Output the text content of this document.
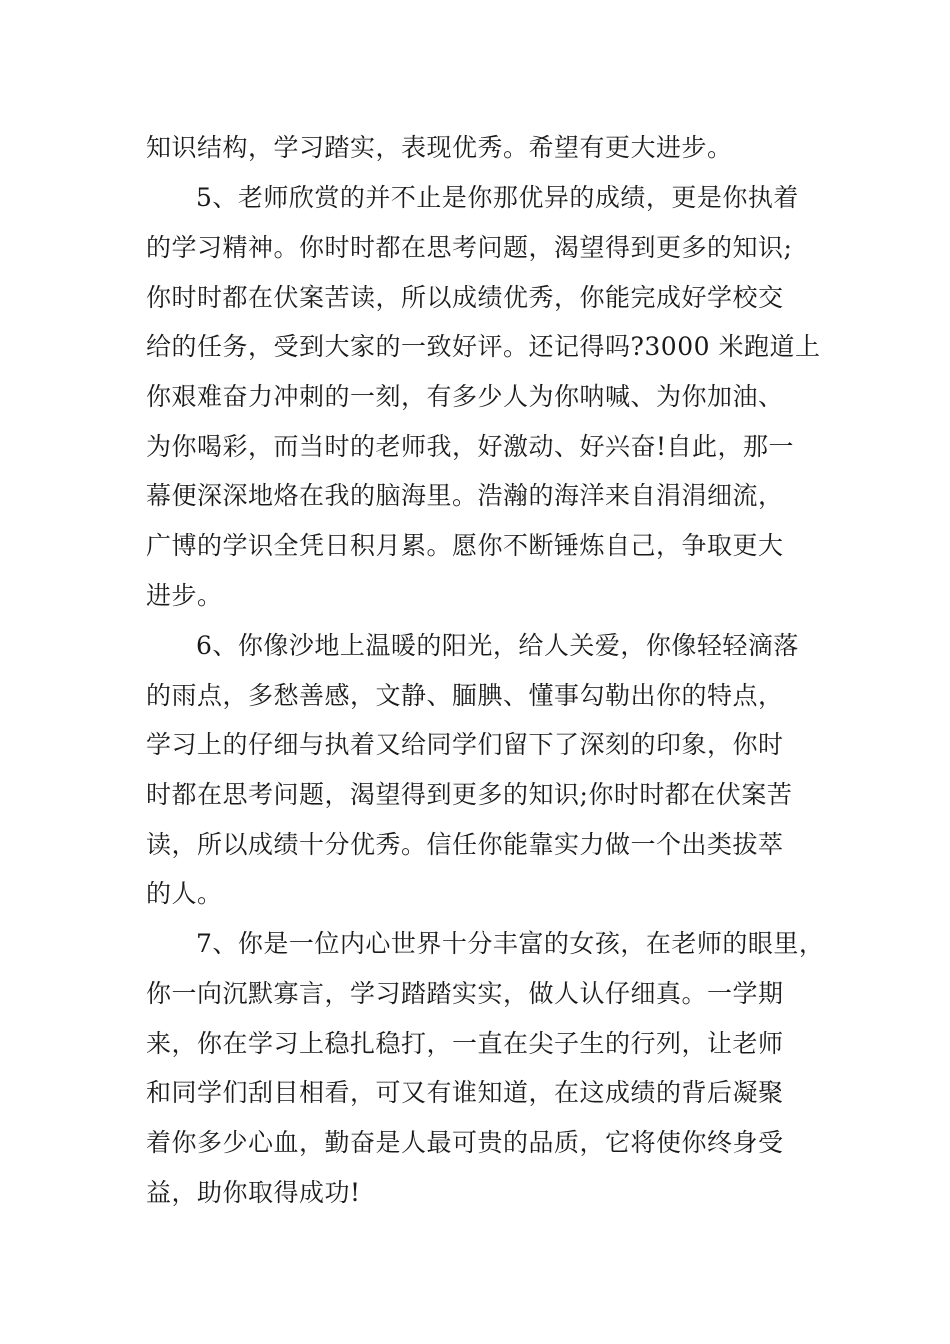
知识结构，学习踏实，表现优秀。希望有更大进步。

5、老师欣赏的并不止是你那优异的成绩，更是你执着

的学习精神。你时时都在思考问题，渴望得到更多的知识;

你时时都在伏案苦读，所以成绩优秀，你能完成好学校交

给的任务，受到大家的一致好评。还记得吗?3000 米跑道上

你艰难奋力冲刺的一刻，有多少人为你呐喊、为你加油、

为你喝彩，而当时的老师我，好激动、好兴奋!自此，那一

幕便深深地烙在我的脑海里。浩瀚的海洋来自涓涓细流，

广博的学识全凭日积月累。愿你不断锤炼自己，争取更大

进步。

6、你像沙地上温暖的阳光，给人关爱，你像轻轻滴落

的雨点，多愁善感，文静、腼腆、懂事勾勒出你的特点，

学习上的仔细与执着又给同学们留下了深刻的印象，你时

时都在思考问题，渴望得到更多的知识;你时时都在伏案苦

读，所以成绩十分优秀。信任你能靠实力做一个出类拔萃

的人。

7、你是一位内心世界十分丰富的女孩，在老师的眼里，

你一向沉默寡言，学习踏踏实实，做人认仔细真。一学期

来，你在学习上稳扎稳打，一直在尖子生的行列，让老师

和同学们刮目相看，可又有谁知道，在这成绩的背后凝聚

着你多少心血，勤奋是人最可贵的品质，它将使你终身受

益，助你取得成功!
